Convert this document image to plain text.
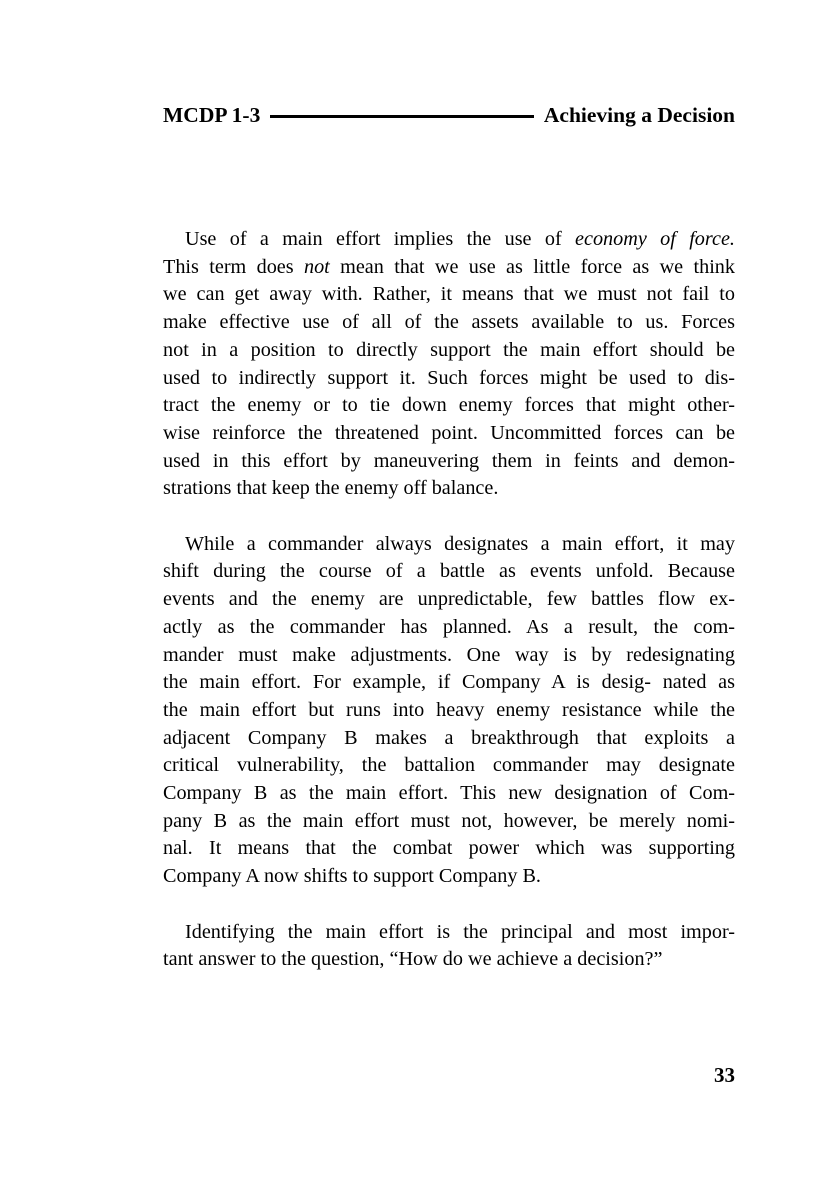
MCDP 1-3	Achieving a Decision
Use of a main effort implies the use of economy of force.
This term does not mean that we use as little force as we think
we can get away with. Rather, it means that we must not fail to
make effective use of all of the assets available to us. Forces
not in a position to directly support the main effort should be
used to indirectly support it. Such forces might be used to dis-
tract the enemy or to tie down enemy forces that might other-
wise reinforce the threatened point. Uncommitted forces can be
used in this effort by maneuvering them in feints and demon-
strations that keep the enemy off balance.
While a commander always designates a main effort, it may
shift during the course of a battle as events unfold. Because
events and the enemy are unpredictable, few battles flow ex-
actly as the commander has planned. As a result, the com-
mander must make adjustments. One way is by redesignating
the main effort. For example, if Company A is desig- nated as
the main effort but runs into heavy enemy resistance while the
adjacent Company B makes a breakthrough that exploits a
critical vulnerability, the battalion commander may designate
Company B as the main effort. This new designation of Com-
pany B as the main effort must not, however, be merely nomi-
nal. It means that the combat power which was supporting
Company A now shifts to support Company B.
Identifying the main effort is the principal and most impor-
tant answer to the question, “How do we achieve a decision?”
33
